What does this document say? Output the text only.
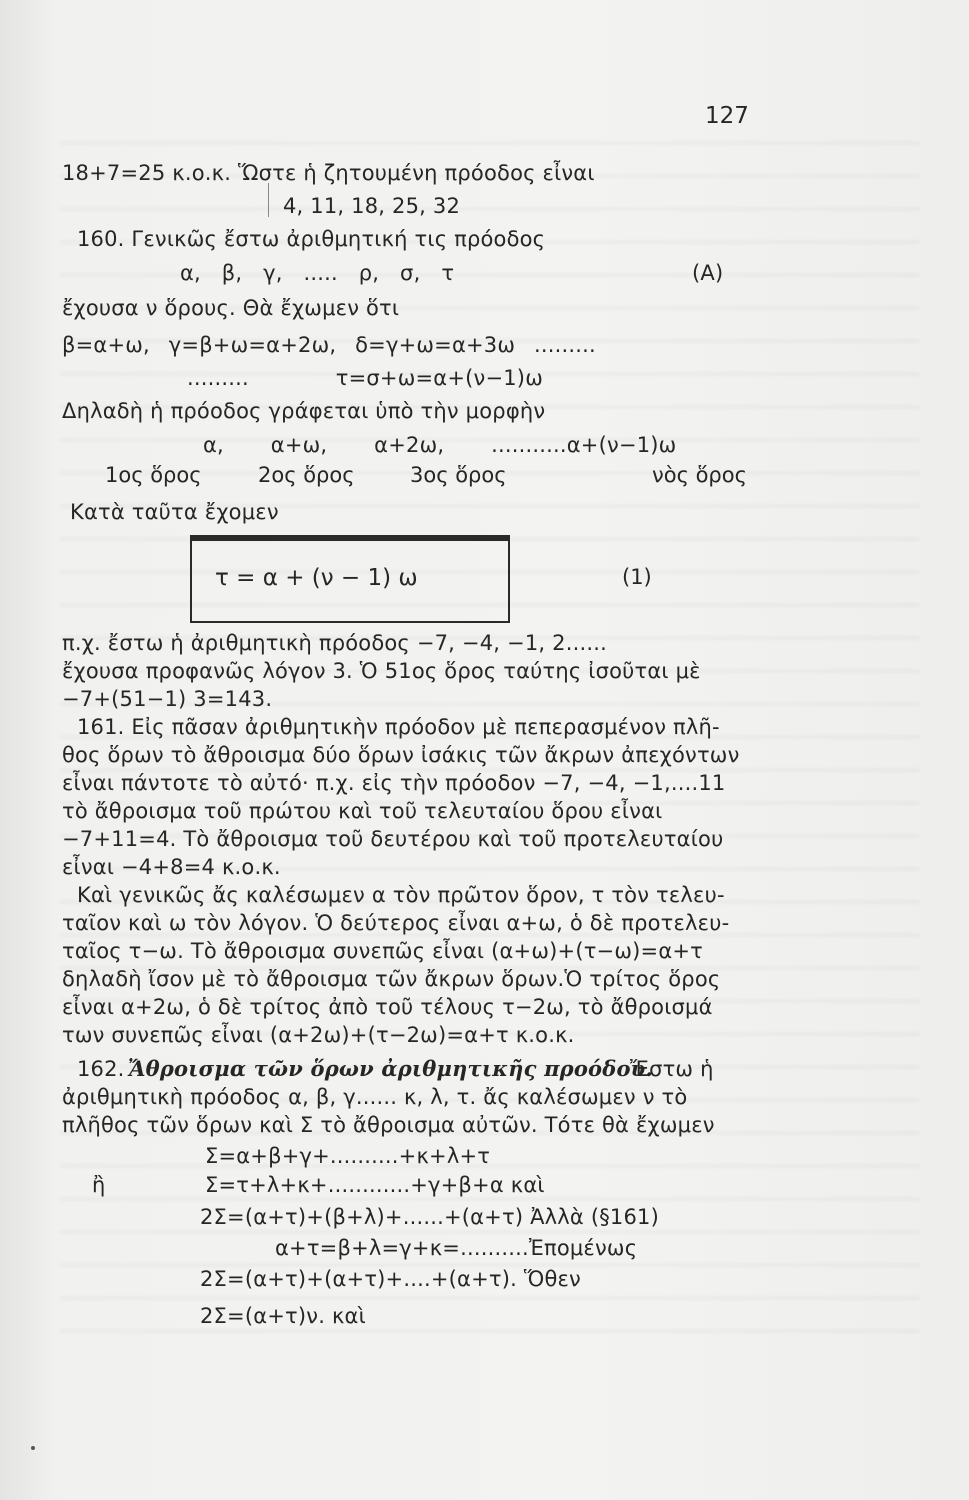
127
18+7=25 κ.ο.κ. Ὥστε ἡ ζητουμένη πρόοδος εἶναι
4, 11, 18, 25, 32
160. Γενικῶς ἔστω ἀριθμητική τις πρόοδος
α, β, γ, ..... ρ, σ, τ	(Α)
ἔχουσα ν ὅρους. Θὰ ἔχωμεν ὅτι
β=α+ω, γ=β+ω=α+2ω, δ=γ+ω=α+3ω .........
......... τ=σ+ω=α+(ν−1)ω
Δηλαδὴ ἡ πρόοδος γράφεται ὑπὸ τὴν μορφὴν
α, α+ω, α+2ω, ...........α+(ν−1)ω
1ος ὅρος	2ος ὅρος	3ος ὅρος	νὸς ὅρος
Κατὰ ταῦτα ἔχομεν
τ = α + (ν − 1) ω	(1)
π.χ. ἔστω ἡ ἀριθμητικὴ πρόοδος −7, −4, −1, 2......
ἔχουσα προφανῶς λόγον 3. Ὁ 51ος ὅρος ταύτης ἰσοῦται μὲ
−7+(51−1) 3=143.
161. Εἰς πᾶσαν ἀριθμητικὴν πρόοδον μὲ πεπερασμένον πλῆ-
θος ὅρων τὸ ἄθροισμα δύο ὅρων ἰσάκις τῶν ἄκρων ἀπεχόντων
εἶναι πάντοτε τὸ αὐτό· π.χ. εἰς τὴν πρόοδον −7, −4, −1,....11
τὸ ἄθροισμα τοῦ πρώτου καὶ τοῦ τελευταίου ὅρου εἶναι
−7+11=4. Τὸ ἄθροισμα τοῦ δευτέρου καὶ τοῦ προτελευταίου
εἶναι −4+8=4 κ.ο.κ.
Καὶ γενικῶς ἄς καλέσωμεν α τὸν πρῶτον ὅρον, τ τὸν τελευ-
ταῖον καὶ ω τὸν λόγον. Ὁ δεύτερος εἶναι α+ω, ὁ δὲ προτελευ-
ταῖος τ−ω. Τὸ ἄθροισμα συνεπῶς εἶναι (α+ω)+(τ−ω)=α+τ
δηλαδὴ ἴσον μὲ τὸ ἄθροισμα τῶν ἄκρων ὅρων.Ὁ τρίτος ὅρος
εἶναι α+2ω, ὁ δὲ τρίτος ἀπὸ τοῦ τέλους τ−2ω, τὸ ἄθροισμά
των συνεπῶς εἶναι (α+2ω)+(τ−2ω)=α+τ κ.ο.κ.
162. Ἄθροισμα τῶν ὅρων ἀριθμητικῆς προόδου.
Ἔστω ἡ
ἀριθμητικὴ πρόοδος α, β, γ...... κ, λ, τ. ἄς καλέσωμεν ν τὸ
πλῆθος τῶν ὅρων καὶ Σ τὸ ἄθροισμα αὐτῶν. Τότε θὰ ἔχωμεν
Σ=α+β+γ+..........+κ+λ+τ
ἢ	Σ=τ+λ+κ+............+γ+β+α καὶ
2Σ=(α+τ)+(β+λ)+......+(α+τ) Ἀλλὰ (§161)
α+τ=β+λ=γ+κ=..........Ἐπομένως
2Σ=(α+τ)+(α+τ)+....+(α+τ). Ὅθεν
2Σ=(α+τ)ν. καὶ
